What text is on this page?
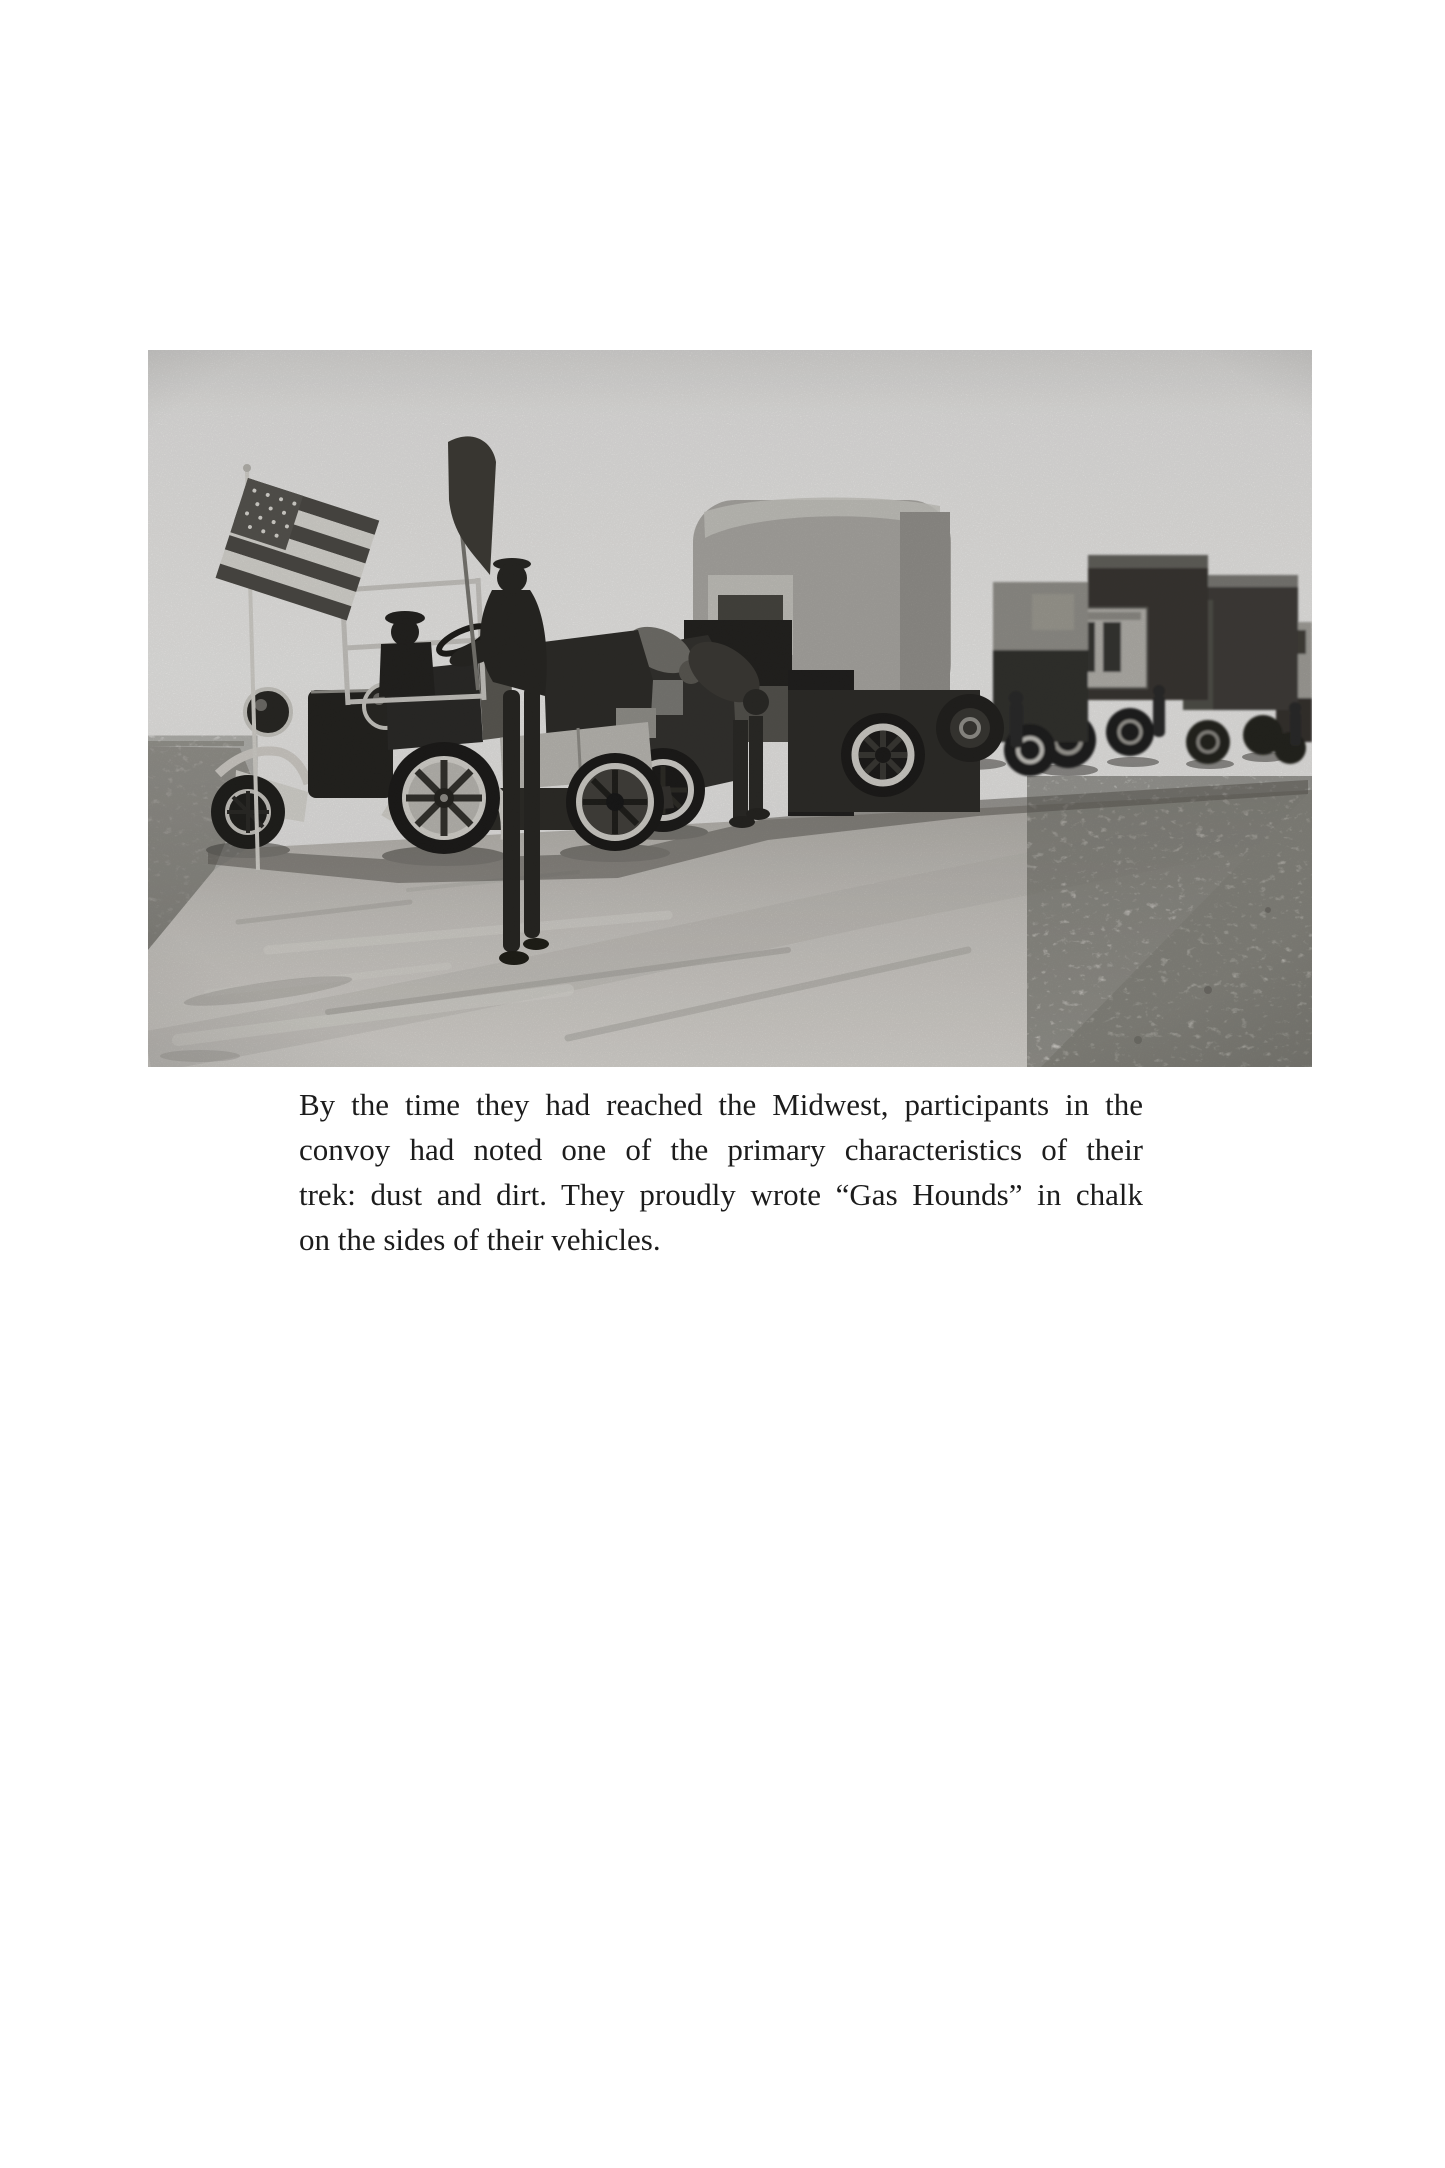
By the time they had reached the Midwest, participants in the
convoy had noted one of the primary characteristics of their
trek: dust and dirt. They proudly wrote “Gas Hounds” in chalk
on the sides of their vehicles.
